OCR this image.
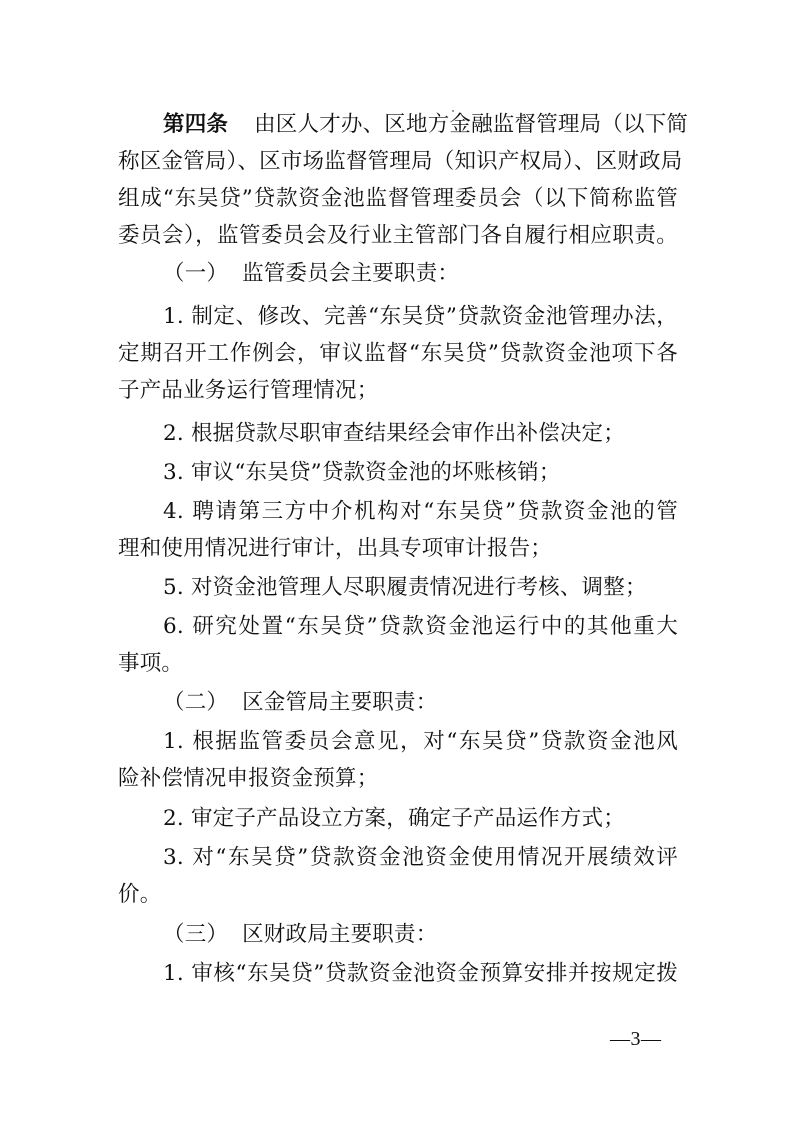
第四条 由区人才办、区地方金融监督管理局（以下简
称区金管局）、区市场监督管理局（知识产权局）、区财政局
组成“东吴贷”贷款资金池监督管理委员会（以下简称监管
委员会），监管委员会及行业主管部门各自履行相应职责。
（一） 监管委员会主要职责：
1. 制定、修改、完善“东吴贷”贷款资金池管理办法，
定期召开工作例会，审议监督“东吴贷”贷款资金池项下各
子产品业务运行管理情况；
2. 根据贷款尽职审查结果经会审作出补偿决定；
3. 审议“东吴贷”贷款资金池的坏账核销；
4. 聘请第三方中介机构对“东吴贷”贷款资金池的管
理和使用情况进行审计，出具专项审计报告；
5. 对资金池管理人尽职履责情况进行考核、调整；
6. 研究处置“东吴贷”贷款资金池运行中的其他重大
事项。
（二） 区金管局主要职责：
1. 根据监管委员会意见，对“东吴贷”贷款资金池风
险补偿情况申报资金预算；
2. 审定子产品设立方案，确定子产品运作方式；
3. 对“东吴贷”贷款资金池资金使用情况开展绩效评
价。
（三） 区财政局主要职责：
1. 审核“东吴贷”贷款资金池资金预算安排并按规定拨
—3—
